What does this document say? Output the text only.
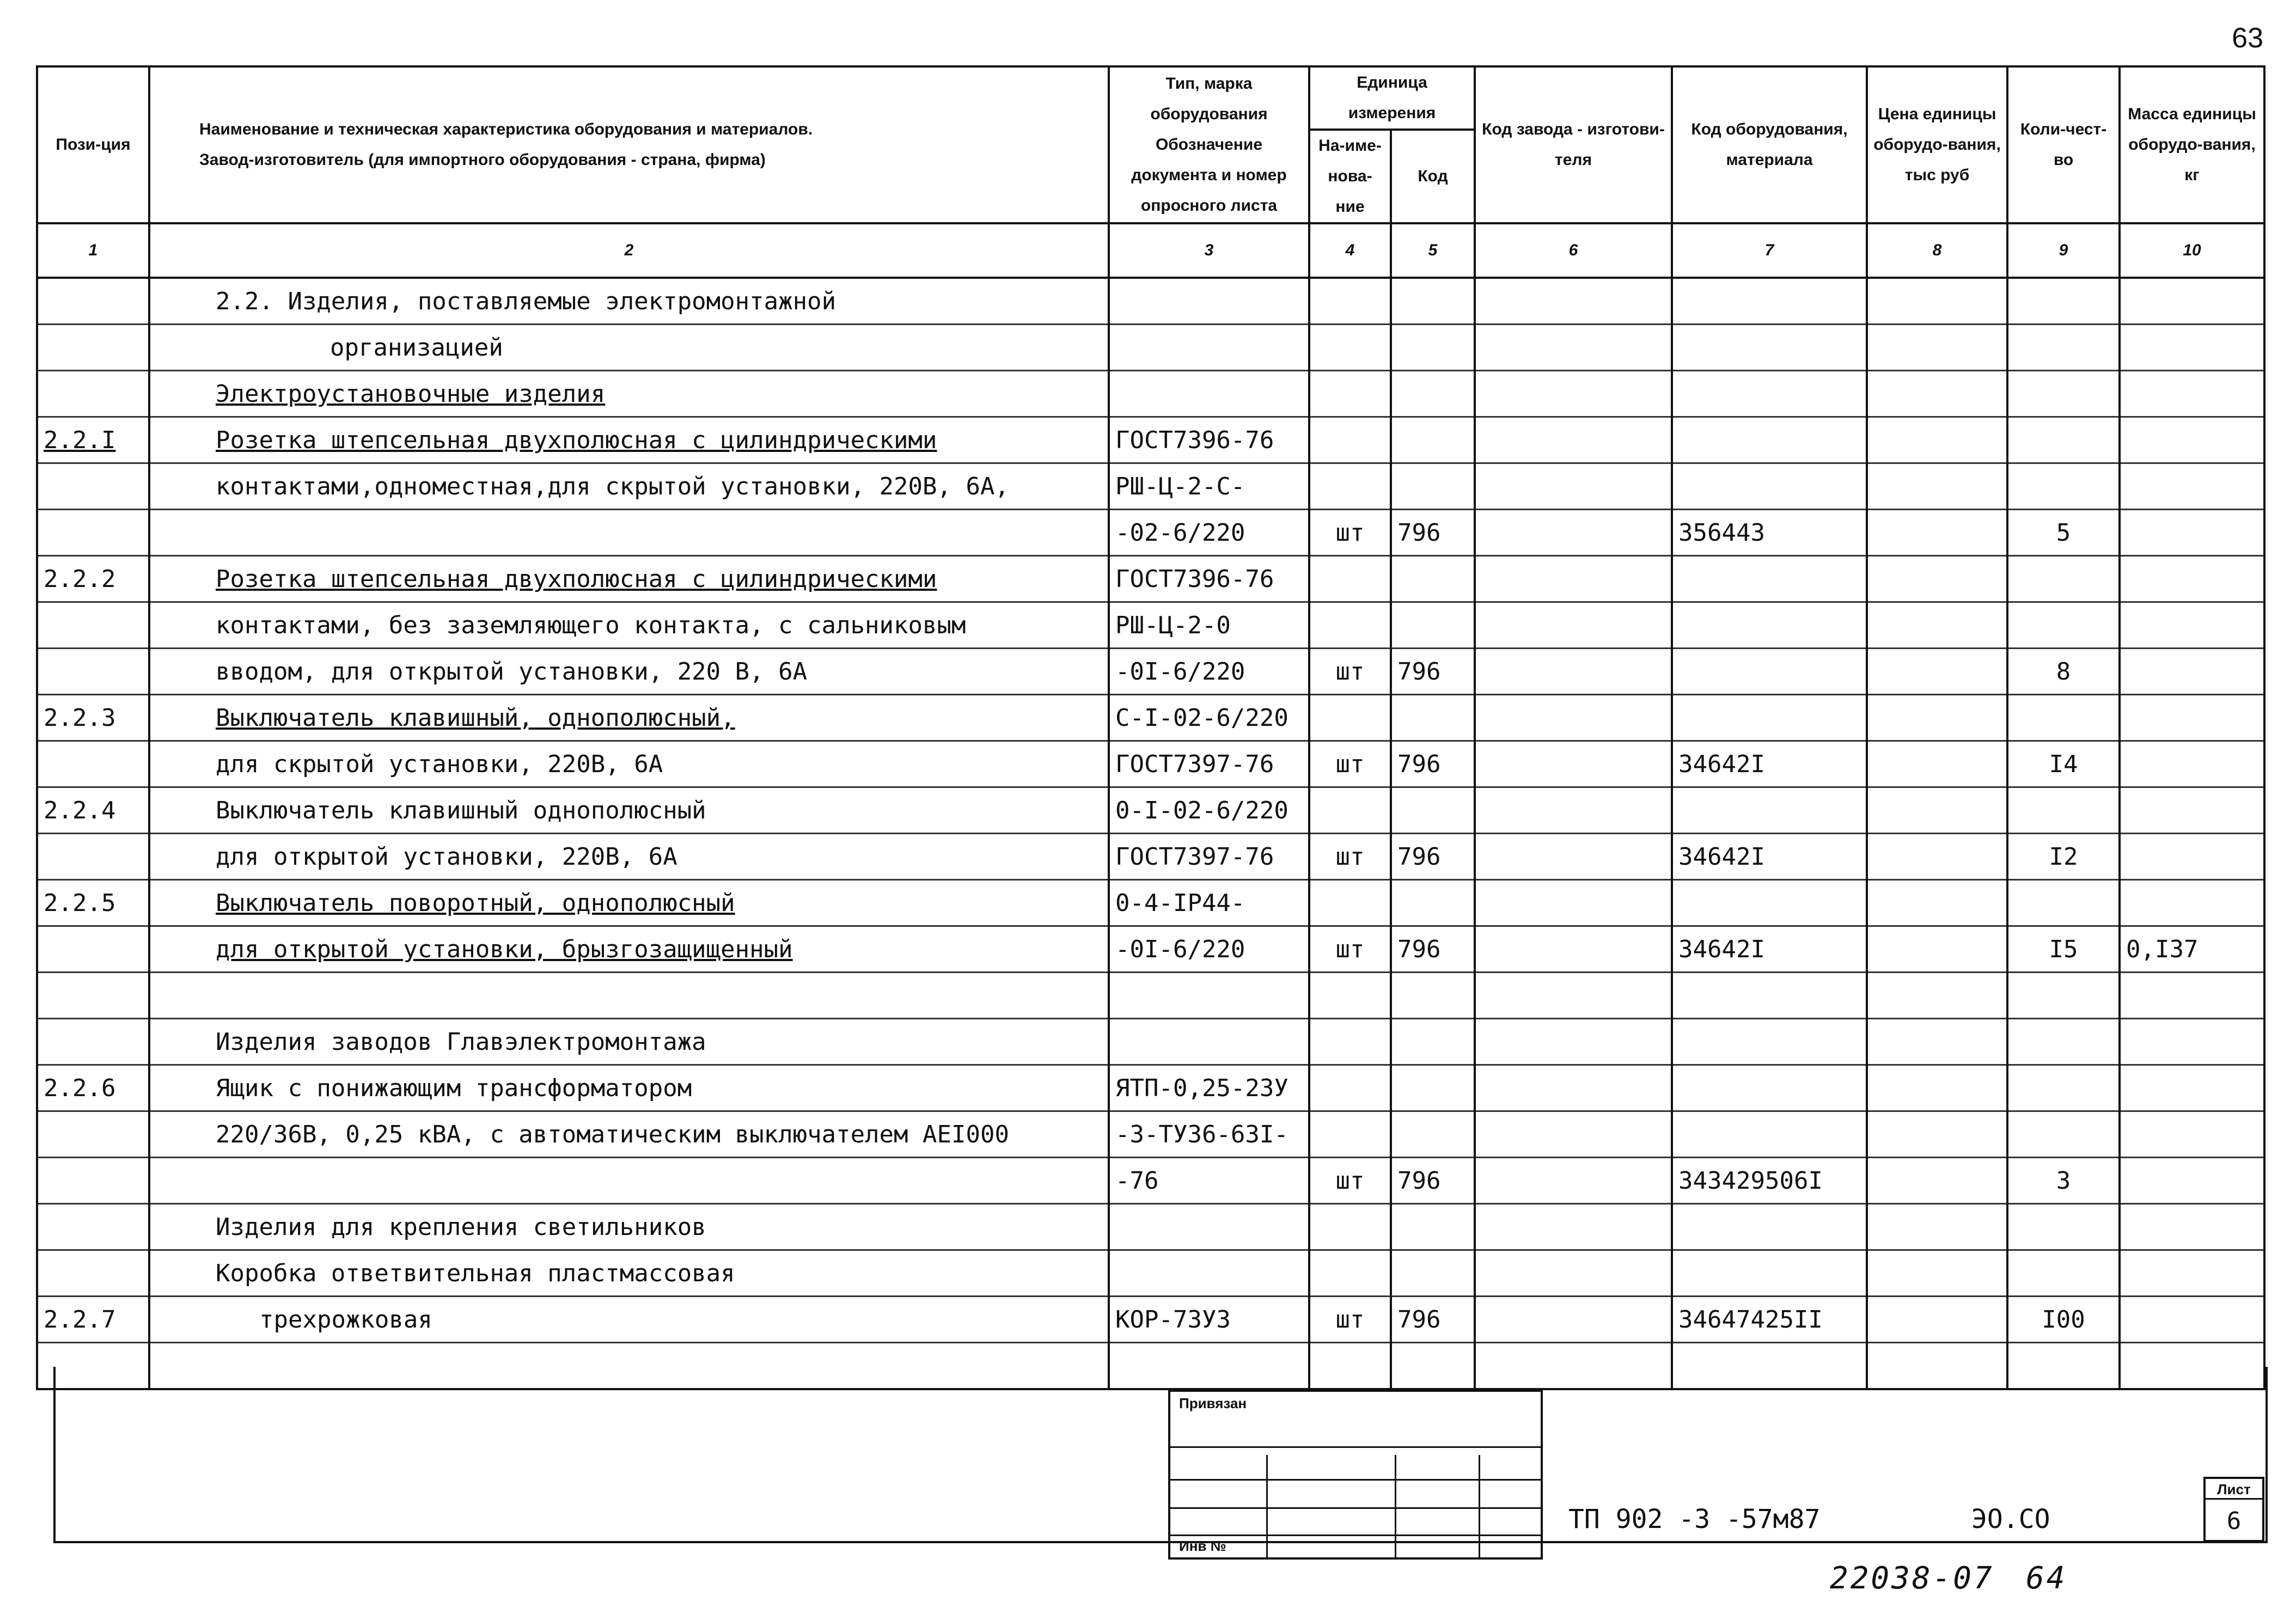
63
Пози-ция	Наименование и техническая характеристика оборудования и материалов.
Завод-изготовитель (для импортного оборудования - страна, фирма)	Тип, марка оборудования Обозначение документа и номер опросного листа	Единица измерения		Код завода - изготови-теля	Код оборудования, материала	Цена единицы оборудо-вания, тыс руб	Коли-чест-во	Масса единицы оборудо-вания, кг
			На-име-нова-ние	Код					
1	2	3	4	5	6	7	8	9	10
	2.2. Изделия, поставляемые электромонтажной								
	организацией								
	Электроустановочные изделия								
2.2.I	Розетка штепсельная двухполюсная с цилиндрическими	ГОСТ7396-76							
	контактами,одноместная,для скрытой установки, 220В, 6А,	РШ-Ц-2-С-							
		-02-6/220	шт	796		356443		5	
2.2.2	Розетка штепсельная двухполюсная с цилиндрическими	ГОСТ7396-76							
	контактами, без заземляющего контакта, с сальниковым	РШ-Ц-2-0							
	вводом, для открытой установки, 220 В, 6А	-0I-6/220	шт	796				8	
2.2.3	Выключатель клавишный, однополюсный,	С-I-02-6/220							
	для скрытой установки, 220В, 6А	ГОСТ7397-76	шт	796		34642I		I4	
2.2.4	Выключатель клавишный однополюсный	0-I-02-6/220							
	для открытой установки, 220В, 6А	ГОСТ7397-76	шт	796		34642I		I2	
2.2.5	Выключатель поворотный, однополюсный	0-4-IP44-							
	для открытой установки, брызгозащищенный	-0I-6/220	шт	796		34642I		I5	0,I37

	Изделия заводов Главэлектромонтажа								
2.2.6	Ящик с понижающим трансформатором	ЯТП-0,25-23У							
	220/36В, 0,25 кВА, с автоматическим выключателем АЕI000	-3-ТУ36-63I-							
		-76	шт	796		343429506I		3	
	Изделия для крепления светильников								
	Коробка ответвительная пластмассовая								
2.2.7	трехрожковая	КОР-73У3	шт	796		34647425II		I00	

Привязан
Инв №
ТП 902 -3 -57м87	ЭО.СО
Лист
6
22038-07 64
